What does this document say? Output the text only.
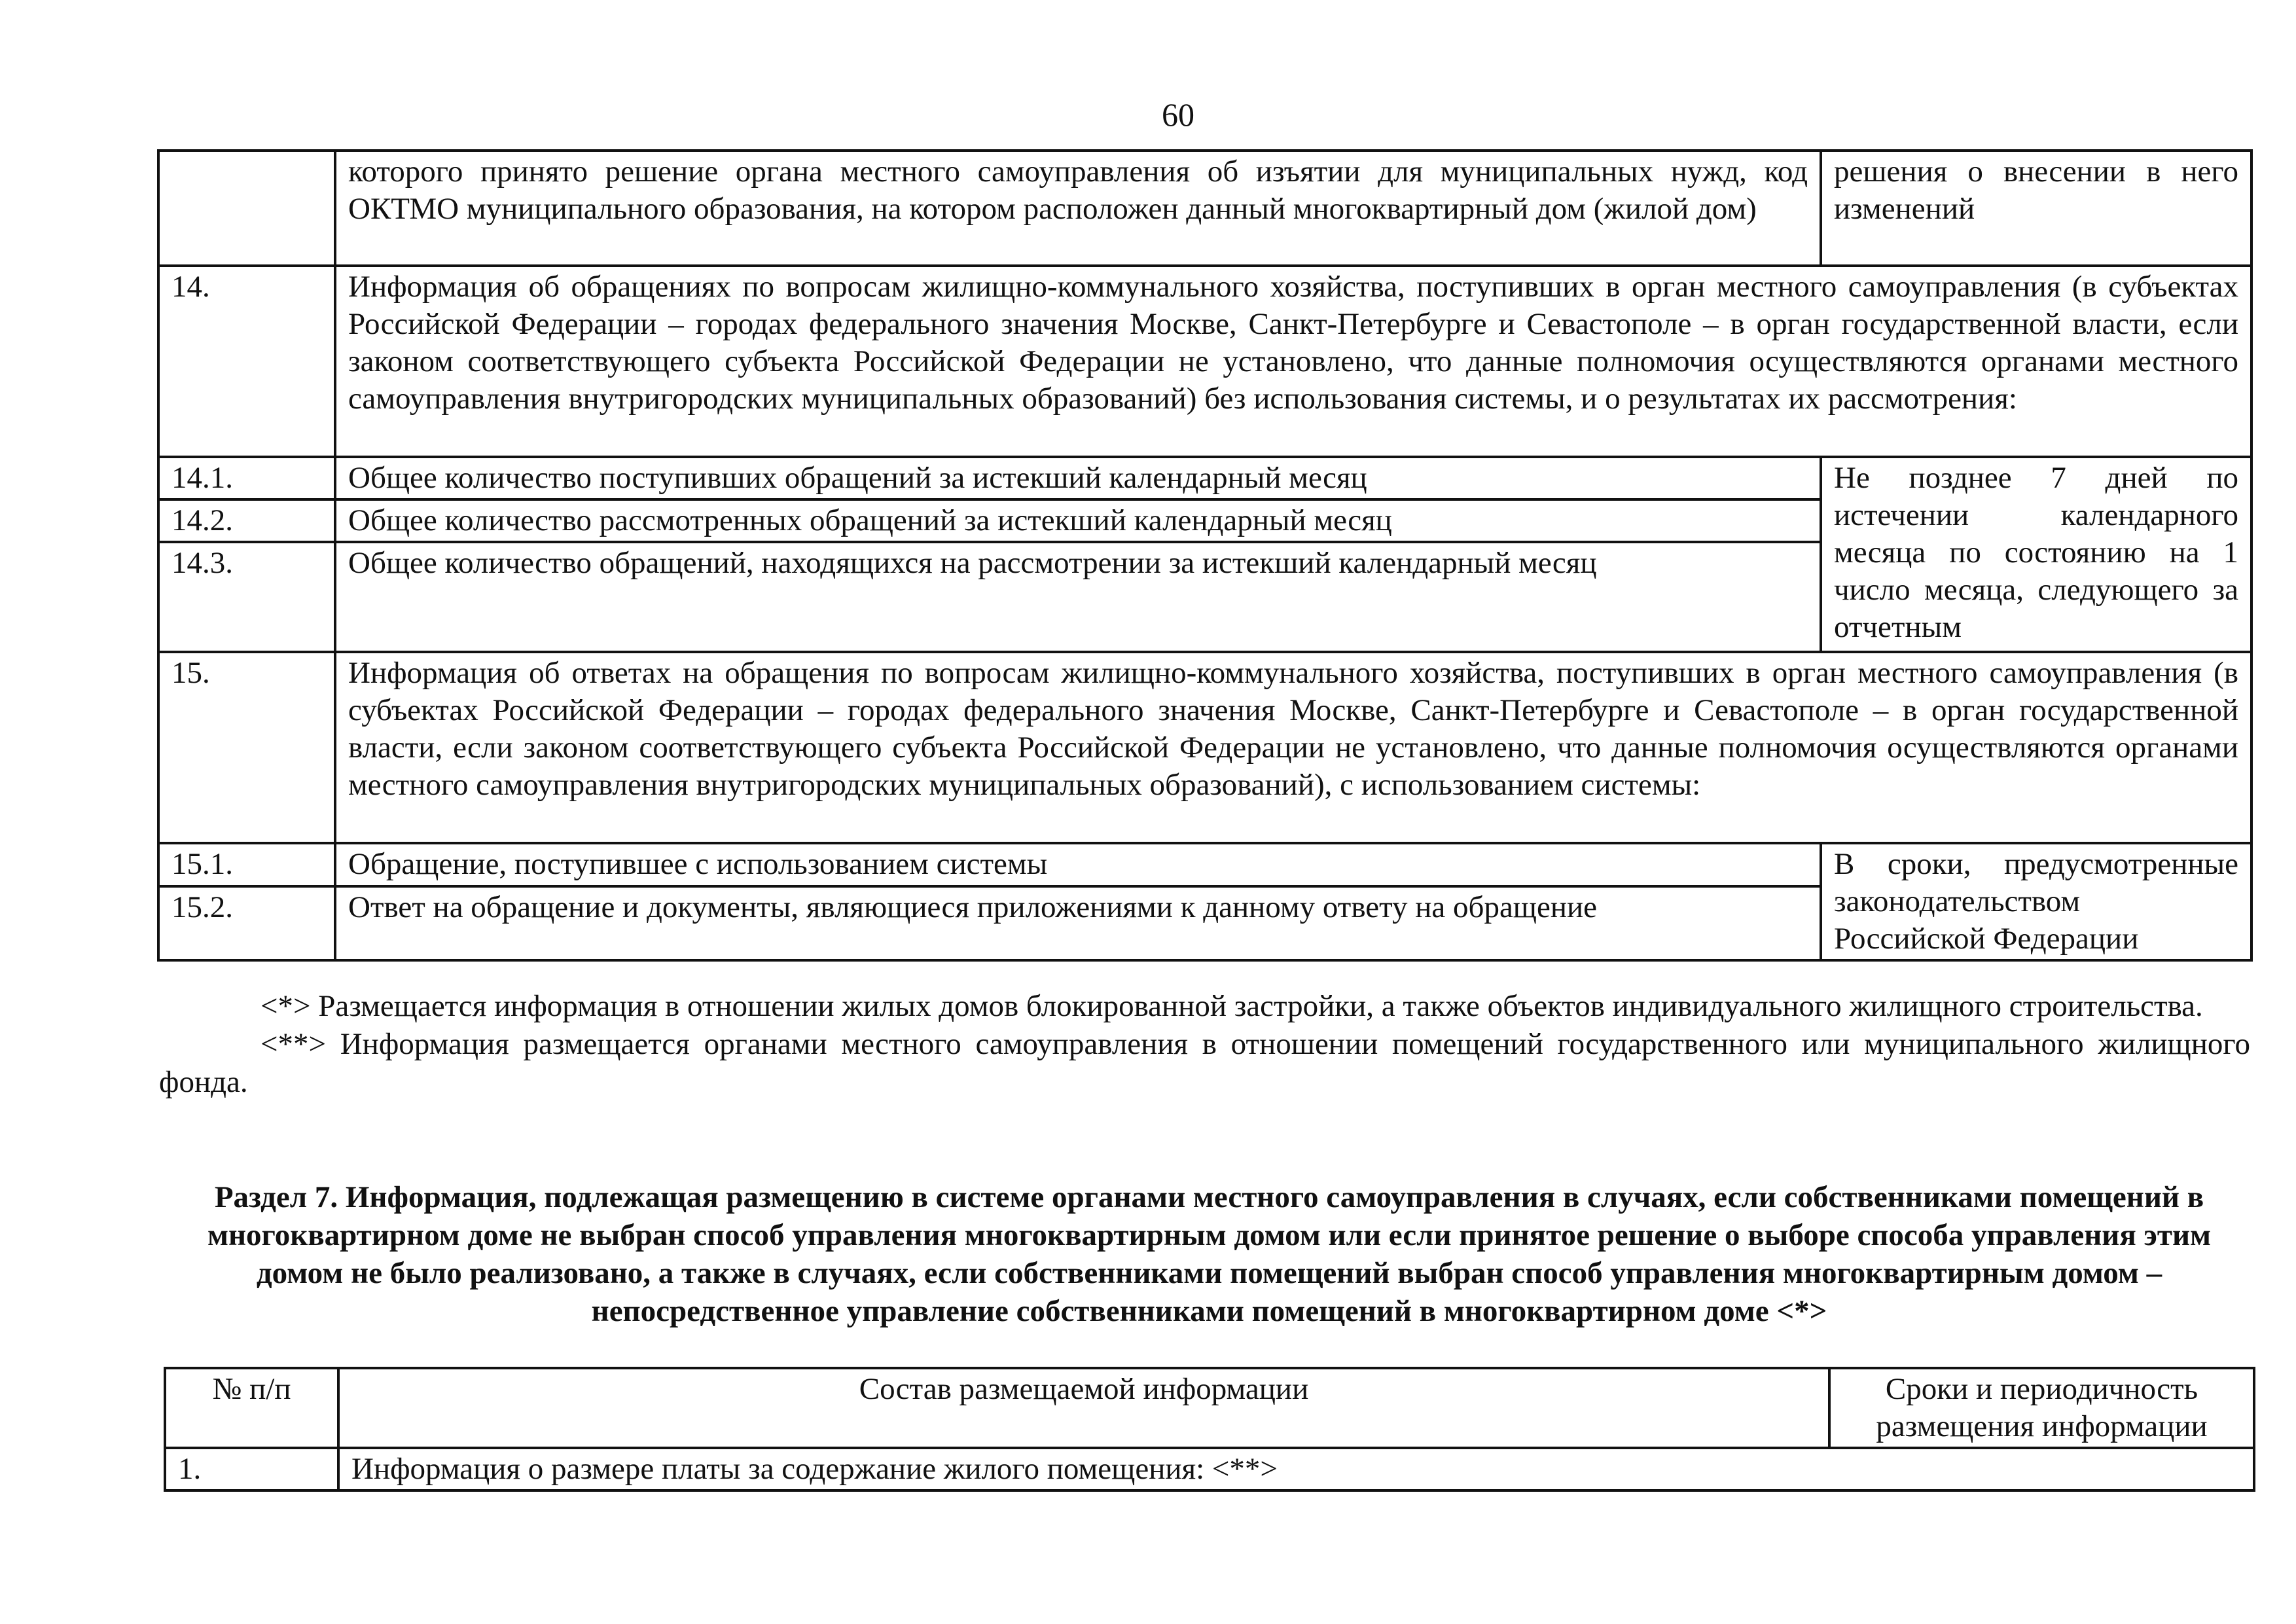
60
	которого принято решение органа местного самоуправления об изъятии для муниципальных нужд, код ОКТМО муниципального образования, на котором расположен данный многоквартирный дом (жилой дом)	решения о внесении в него изменений
14.	Информация об обращениях по вопросам жилищно-коммунального хозяйства, поступивших в орган местного самоуправления (в субъектах Российской Федерации – городах федерального значения Москве, Санкт-Петербурге и Севастополе – в орган государственной власти, если законом соответствующего субъекта Российской Федерации не установлено, что данные полномочия осуществляются органами местного самоуправления внутригородских муниципальных образований) без использования системы, и о результатах их рассмотрения:	
14.1.	Общее количество поступивших обращений за истекший календарный месяц	Не позднее 7 дней по истечении календарного месяца по состоянию на 1 число месяца, следующего за отчетным
14.2.	Общее количество рассмотренных обращений за истекший календарный месяц	
14.3.	Общее количество обращений, находящихся на рассмотрении за истекший календарный месяц	
15.	Информация об ответах на обращения по вопросам жилищно-коммунального хозяйства, поступивших в орган местного самоуправления (в субъектах Российской Федерации – городах федерального значения Москве, Санкт-Петербурге и Севастополе – в орган государственной власти, если законом соответствующего субъекта Российской Федерации не установлено, что данные полномочия осуществляются органами местного самоуправления внутригородских муниципальных образований), с использованием системы:	
15.1.	Обращение, поступившее с использованием системы	В сроки, предусмотренные законодательством Российской Федерации
15.2.	Ответ на обращение и документы, являющиеся приложениями к данному ответу на обращение	

<*> Размещается информация в отношении жилых домов блокированной застройки, а также объектов индивидуального жилищного строительства.

<**> Информация размещается органами местного самоуправления в отношении помещений государственного или муниципального жилищного фонда.

Раздел 7. Информация, подлежащая размещению в системе органами местного самоуправления в случаях, если собственниками помещений в многоквартирном доме не выбран способ управления многоквартирным домом или если принятое решение о выборе способа управления этим домом не было реализовано, а также в случаях, если собственниками помещений выбран способ управления многоквартирным домом – непосредственное управление собственниками помещений в многоквартирном доме <*>
№ п/п	Состав размещаемой информации	Сроки и периодичность размещения информации
1.	Информация о размере платы за содержание жилого помещения: <**>	
